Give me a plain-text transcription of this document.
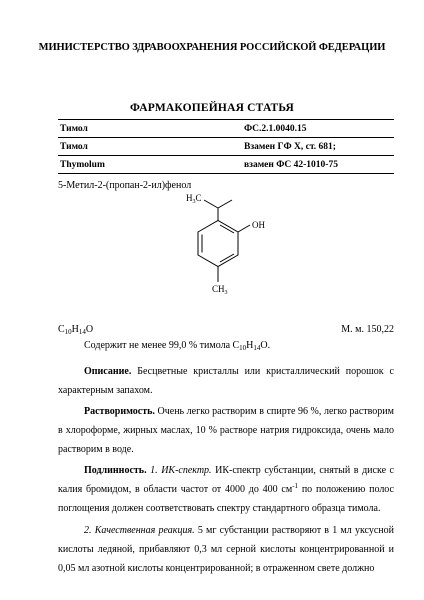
МИНИСТЕРСТВО ЗДРАВООХРАНЕНИЯ РОССИЙСКОЙ ФЕДЕРАЦИИ
ФАРМАКОПЕЙНАЯ СТАТЬЯ
Тимол	ФС.2.1.0040.15
Тимол	Взамен ГФ X, ст. 681;
Thymolum	взамен ФС 42-1010-75
5-Метил-2-(пропан-2-ил)фенол
$H_3C$
OH
$CH_3$
$C_{10}H_{14}O$	М. м. 150,22
Содержит не менее 99,0 % тимола $C_{10}H_{14}O$.
Описание. Бесцветные кристаллы или кристаллический порошок с характерным запахом.
Растворимость. Очень легко растворим в спирте 96 %, легко растворим в хлороформе, жирных маслах, 10 % растворе натрия гидроксида, очень мало растворим в воде.
Подлинность. 1. ИК-спектр. ИК-спектр субстанции, снятый в диске с калия бромидом, в области частот от 4000 до 400 $см^{-1}$ по положению полос поглощения должен соответствовать спектру стандартного образца тимола.
2. Качественная реакция. 5 мг субстанции растворяют в 1 мл уксусной кислоты ледяной, прибавляют 0,3 мл серной кислоты концентрированной и 0,05 мл азотной кислоты концентрированной; в отраженном свете должно
